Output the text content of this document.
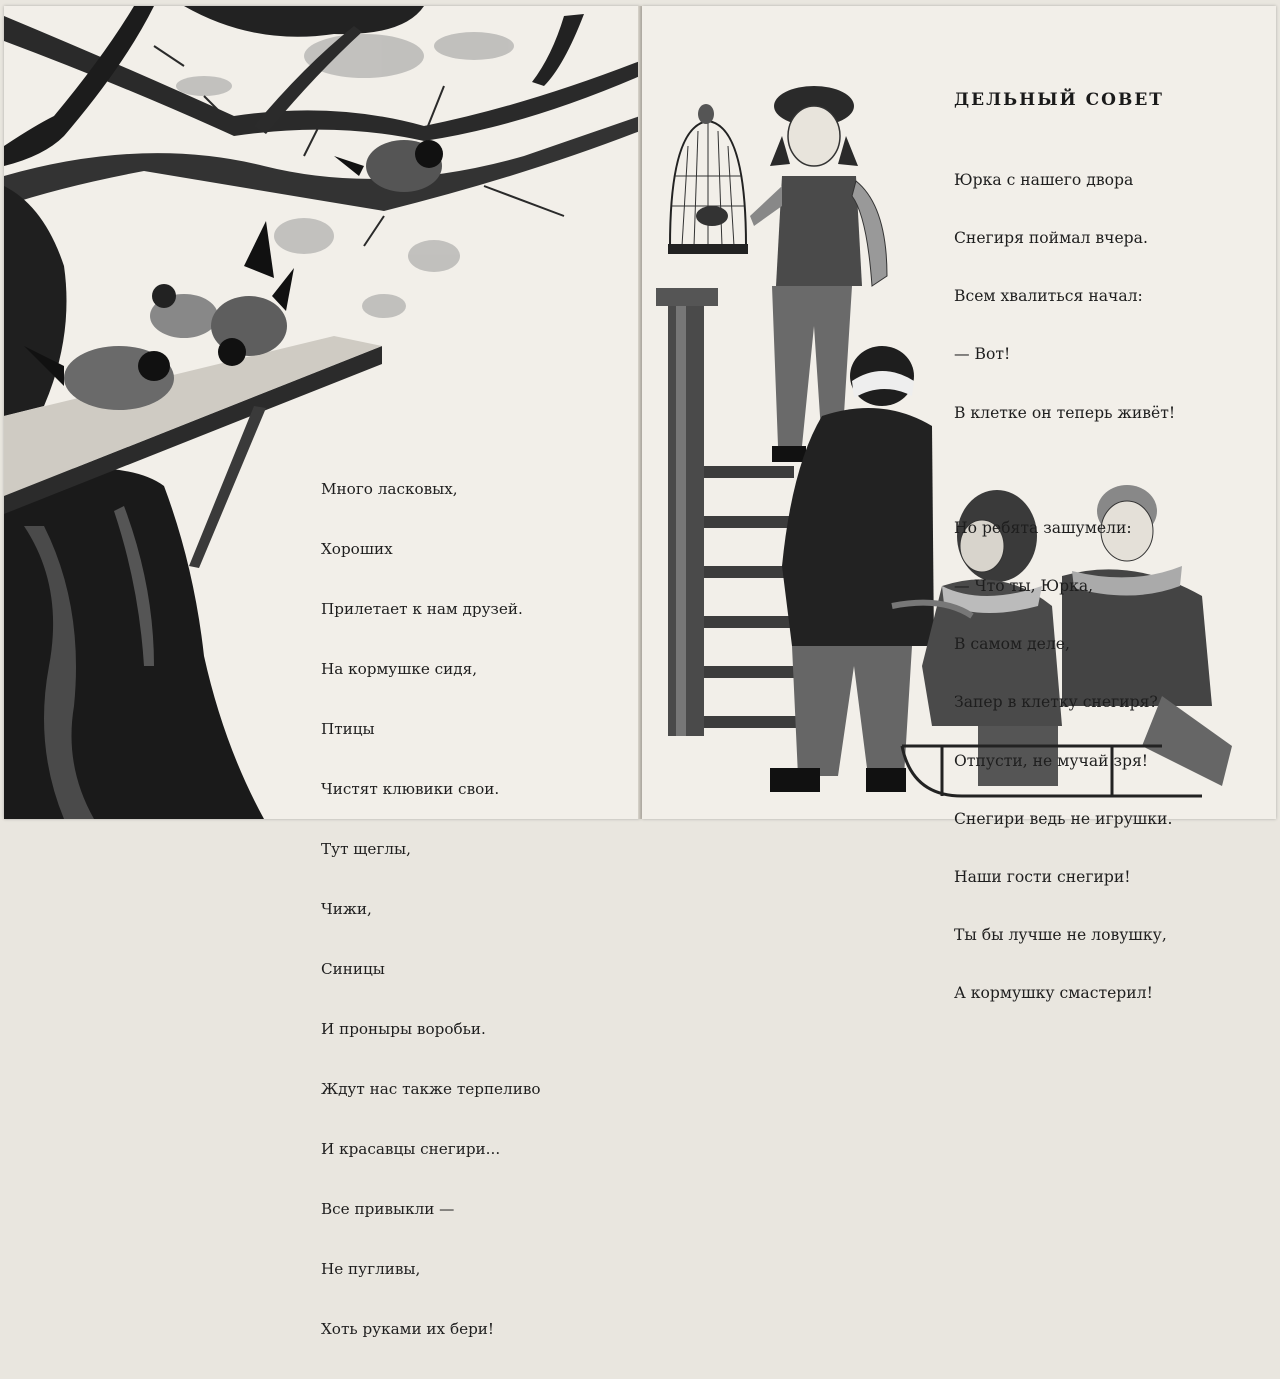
Много ласковых,

Хороших

Прилетает к нам друзей.

На кормушке сидя,

Птицы

Чистят клювики свои.

Тут щеглы,

Чижи,

Синицы

И проныры воробьи.

Ждут нас также терпеливо

И красавцы снегири...

Все привыкли —

Не пугливы,

Хоть руками их бери!

ДЕЛЬНЫЙ СОВЕТ

Юрка с нашего двора

Снегиря поймал вчера.

Всем хвалиться начал:

— Вот!

В клетке он теперь живёт!

Но ребята зашумели:

— Что ты, Юрка,

В самом деле,

Запер в клетку снегиря?

Отпусти, не мучай зря!

Снегири ведь не игрушки.

Наши гости снегири!

Ты бы лучше не ловушку,

А кормушку смастерил!
